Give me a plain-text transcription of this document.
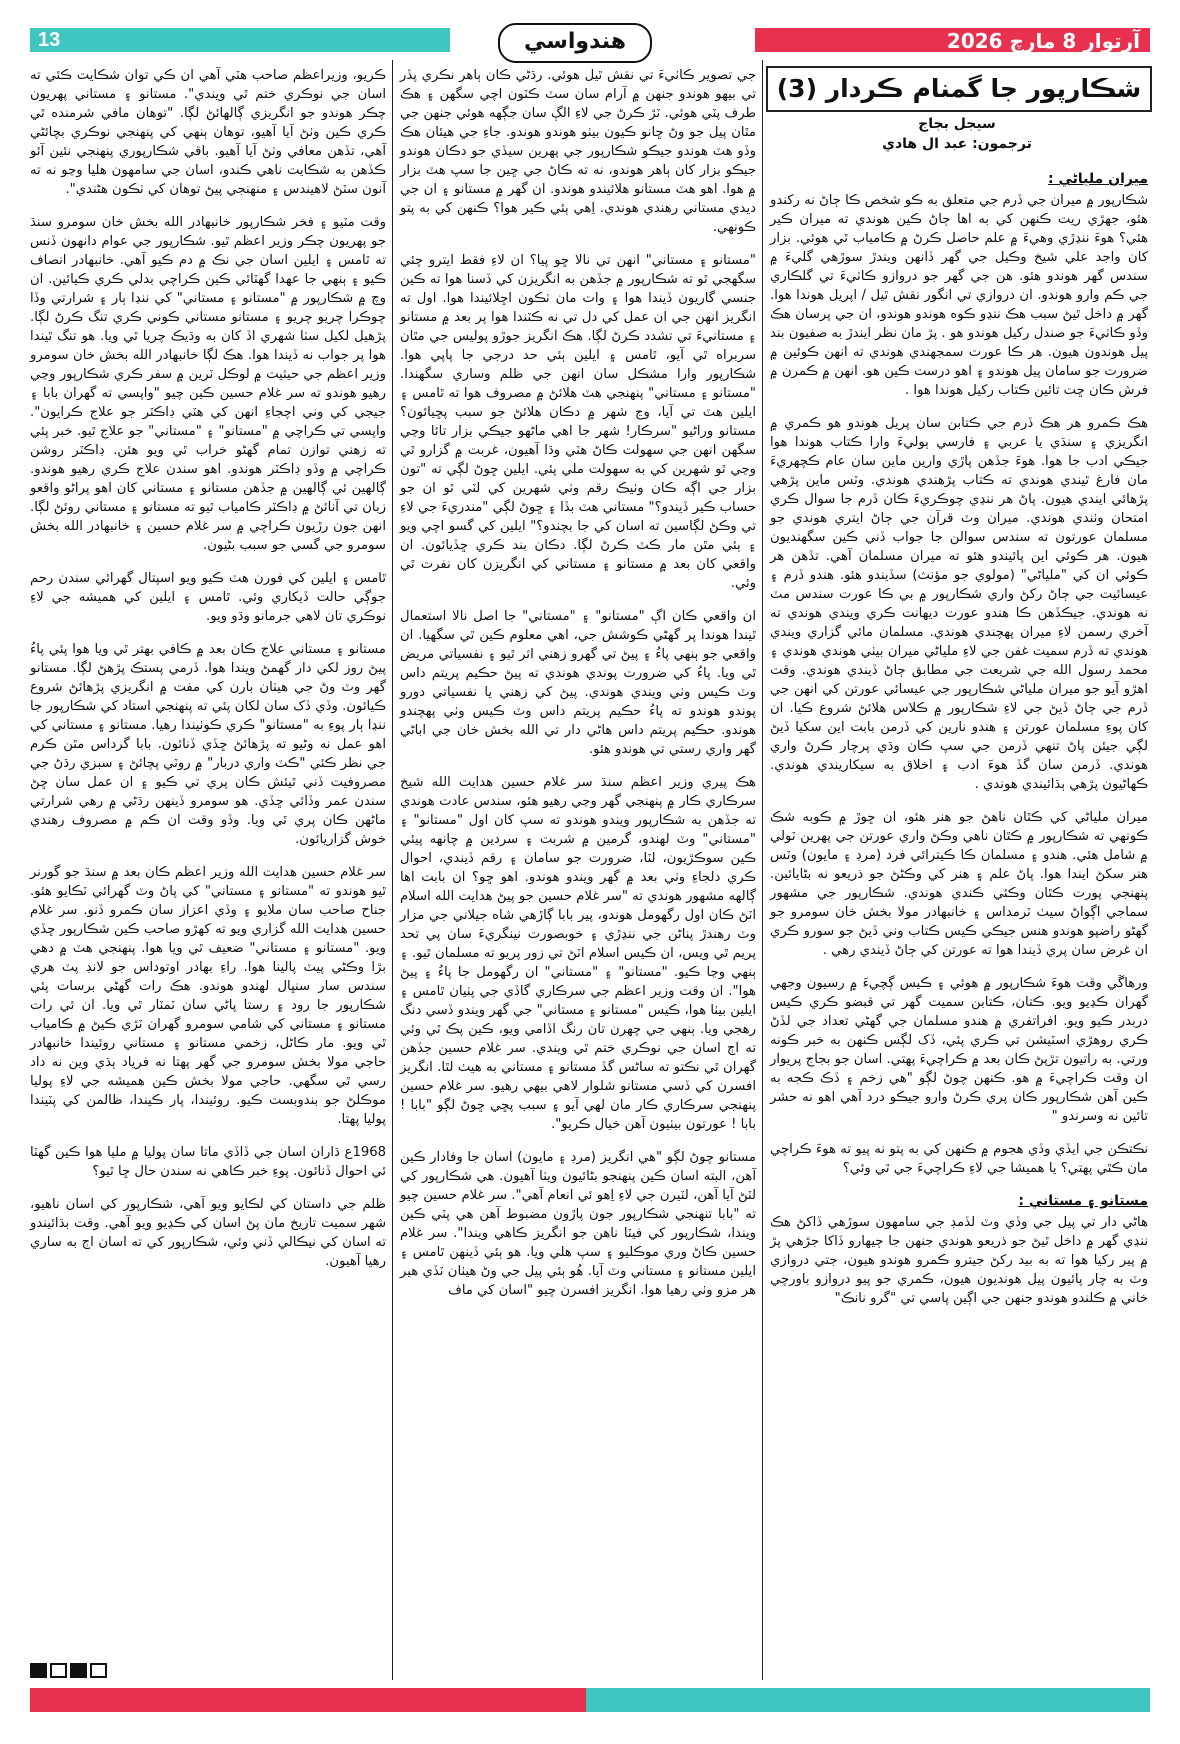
13	آرتوار 8 مارچ 2026
هندواسي
شڪارپور جا گمنام ڪردار (3)
سيجل بجاج
ترجمون: عبد ال هادي
ميران ملياڻي :

شڪارپور ۾ ميران جي ڏرم جي متعلق به ڪو شخص ڪا ڄاڻ نه رکندو هئو، جهڙي ريت ڪنهن کي به اها ڄاڻ ڪين هوندي ته ميران ڪير هئي؟ هوءَ ننڍڙي وهيءَ ۾ علم حاصل ڪرڻ ۾ ڪامياب ٿي هوئي. بزار کان واجد علي شيخ وڪيل جي گهر ڏانهن ويندڙ سوڙهي گليءَ ۾ سندس گهر هوندو هئو. هن جي گهر جو دروازو ڪاٺيءَ تي گلڪاري جي ڪم وارو هوندو. ان دروازي تي انگور نقش ٿيل / اپريل هوندا هوا. گهر ۾ داخل ٿيڻ سبب هڪ ننڍو ڪوه هوندو هوندو، ان جي پرسان هڪ وڏو ڪاٺيءَ جو صندل رکيل هوندو هو . پڙ مان نظر ايندڙ به صفيون بند پيل هوندون هيون. هر ڪا عورت سمجهندي هوندي ته انهن ڪوئين ۾ ضرورت جو سامان پيل هوندو ۽ اهو درست ڪين هو. انهن ۾ ڪمرن ۾ فرش ڪان ڇت تائين ڪتاب رکيل هوندا هوا .

هڪ ڪمرو هر هڪ ڏرم جي ڪتابن سان پريل هوندو هو ڪمري ۾ انگريزي ۽ سنڌي يا عربي ۽ فارسي ٻوليءَ وارا ڪتاب هوندا هوا جيڪي ادب جا هوا. هوءَ جڏهن پاڙي وارين ماين سان عام ڪچهريءَ مان فارغ ٿيندي هوندي ته ڪتاب پڙهندي هوندي. وٽس ماين پڙهي پڙهائي ايندي هيون. پاڻ هر ننڍي چوڪريءَ ڪان ڏرم جا سوال ڪري امتحان وٺندي هوندي. ميران وٽ قرآن جي ڄاڻ ايتري هوندي جو مسلمان عورتون ته سندس سوالن جا جواب ڏني ڪين سگهنديون هيون. هر ڪوئي اين پائيندو هئو ته ميران مسلمان آهي. تڏهن هر ڪوئي ان کي "ملياڻي" (مولوي جو مؤنث) سڏيندو هئو. هندو ڏرم ۽ عيسائيت جي ڄاڻ رکڻ واري شڪارپور ۾ بي ڪا عورت سندس مٽ نه هوندي. جيڪڏهن ڪا هندو عورت ديهانت ڪري ويندي هوندي ته آخري رسمن لاءِ ميران پهچندي هوندي. مسلمان مائي گزاري ويندي هوندي ته ڏرم سميت غفن جي لاءِ ملياڻي ميران بيٺي هوندي هوندي ۽ محمد رسول الله جي شريعت جي مطابق ڄاڻ ڏيندي هوندي. وقت اهڙو آيو جو ميران ملياڻي شڪارپور جي عيسائي عورتن کي انهن جي ڏرم جي ڄاڻ ڏيڻ جي لاءِ شڪارپور ۾ ڪلاس هلائڻ شروع ڪيا. ان کان پوءِ مسلمان عورتن ۽ هندو نارين کي ڏرمن بابت اين سکيا ڏيڻ لڳي جيئن پاڻ تنهي ڏرمن جي سپ ڪان وڌي پرچار ڪرڻ واري هوندي. ڏرمن سان گڏ هوءَ ادب ۽ اخلاق به سيکاريندي هوندي. ڪهاڻيون پڙهي ٻڌائيندي هوندي .

ميران ملياڻي کي ڪٿان ناهڻ جو هنر هئو، ان ڇوڙ ۾ ڪوبه شڪ ڪونهي ته شڪارپور ۾ ڪٿان ناهي وڪڻ واري عورتن جي پهرين ٽولي ۾ شامل هئي. هندو ۽ مسلمان ڪا ڪيترائي فرد (مرڊ ۽ مايون) وٽس هنر سکڻ ايندا هوا. پاڻ علم ۽ هنر کي وڪڻڻ جو ذريعو نه بڻايائين. پنهنجي پورت ڪٿان وڪئي ڪندي هوندي. شڪارپور جي مشهور سماجي اڳواڻ سيٺ ٽرمداس ۽ خانبهادر مولا بخش خان سومرو جو گهڻو راضپو هوندو هنس جيڪي ڪيس ڪتاب وني ڏيڻ جو سورو ڪري ان غرض سان پري ڏيندا هوا ته عورتن کي ڄاڻ ڏيندي رهي .

ورهاڱي وقت هوءَ شڪارپور ۾ هوئي ۽ ڪيس ڳچيءَ ۾ رسيون وجهي گهران ڪڍيو ويو. ڪتان، ڪتابن سميت گهر تي قبضو ڪري ڪيس دربدر ڪيو ويو. افراتفري ۾ هندو مسلمان جي گهڻي تعداد جي لڏڻ ڪري روهڙي اسٽيشن تي ڪري پئي، ڏک لڳس ڪنهن به خبر ڪونه ورتي. به راتيون تڙپڻ ڪان بعد ۾ ڪراچيءَ پهتي. اسان جو بجاج پريوار ان وقت ڪراچيءَ ۾ هو. ڪنهن چوڻ لڳو "هي زخم ۽ ڏڪ ڪجه به ڪين آهن شڪارپور ڪان پري ڪرڻ وارو جيڪو درد آهي اهو نه حشر تائين نه وسرندو "

نڪتڪن جي ايڏي وڏي هجوم ۾ ڪنهن کي به پتو نه پيو ته هوءَ ڪراچي مان ڪٿي پهتي؟ يا هميشا جي لاءِ ڪراچيءَ جي ٿي وئي؟

مستانو ۽ مستاني :

هاڻي دار تي پيل جي وڏي وٽ لڏمڊ جي سامهون سوڙهي ڏاکڻ هڪ ننڍي گهر ۾ داخل ٿيڻ جو ذريعو هوندي جنهن جا ڄيهارو ڏاکا جڙهي پڙ ۾ پير رکيا هوا ته به بيد رکڻ جيترو ڪمرو هوندو هيون، جتي دروازي وٽ به چار پائيون پيل هونديون هيون، ڪمري جو پيو دروازو باورچي خاني ۾ ڪلندو هوندو جنهن جي اڳين پاسي تي "گرو نانڪ"

جي تصوير ڪاٺيءَ تي نقش ٿيل هوئي. رڌڻي ڪان ٻاهر نڪري پڏر تي بيهو هوندو جنهن ۾ آرام سان سٽ ڪٽون اچي سگهن ۽ هڪ طرف پٽي هوئي. ٽڙ ڪرڻ جي لاءِ الڳ سان جڳهه هوئي جنهن جي مٿان پيل جو وڻ ڇانو ڪيون بيٺو هوندو هوندو. جاءِ جي هيئان هڪ وڏو هٽ هوندو جيڪو شڪارپور جي پهرين سيڏي جو دڪان هوندو جيڪو بزار کان ٻاهر هوندو، نه ته ڪاڻ جي ڇين جا سپ هٽ بزار ۾ هوا. اهو هٽ مستانو هلائيندو هوندو. ان گهر ۾ مستانو ۽ ان جي ديدي مستاني رهندي هوندي. اِهي ٻئي ڪير هوا؟ ڪنهن کي به پتو ڪونهي.

"مستانو ۽ مستاني" انهن تي نالا ڇو پيا؟ ان لاءِ فقط ايترو چئي سگهجي ٿو ته شڪارپور ۾ جڏهن به انگريزن کي ڏسنا هوا ته ڪين جنسي گاريون ڏيندا هوا ۽ وات مان ٺڪون اڇلائيندا هوا. اول ته انگريز انهن جي ان عمل کي دل تي نه ڪٽندا هوا پر بعد ۾ مستانو ۽ مستانيءَ تي تشدد ڪرڻ لڳا. هڪ انگريز جوڙو پوليس جي مٿان سربراه ٿي آيو، ٿامس ۽ ايلين ٻئي حد درجي جا پاپي هوا. شڪارپور وارا مشڪل سان انهن جي ظلم وساري سگهندا. "مستانو ۽ مستاني" پنهنجي هٽ هلائڻ ۾ مصروف هوا ته ٿامس ۽ ايلين هٽ تي آيا، وڃ شهر ۾ دڪان هلائڻ جو سبب پڇيائون؟ مستانو وراڻيو "سرڪار! شهر جا اهي ماڻهو جيڪي بزار تائا وڃي سگهن انهن جي سهولت ڪاڻ هٽي وڌا آهيون، غربت ۾ گزارو ٿي وڃي ٿو شهرين کي به سهولت ملي پئي. ايلين ڇوڻ لڳي ته "تون بزار جي اڳه ڪان وٺيڪ رقم وٺي شهرين کي لٽي ٿو ان جو حساب ڪير ڏيندو؟" مستاني هٽ بڏا ۽ ڇوڻ لڳي "مندريءَ جي لاءِ تي وڪڻ لڳاسين ته اسان کي جا بچندو؟" ايلين کي گسو اچي ويو ۽ ٻئي مٿن مار ڪٽ ڪرڻ لڳا. دڪان بند ڪري ڇڏيائون. ان واقعي کان بعد ۾ مستانو ۽ مستاني کي انگريزن کان نفرت ٿي وئي.

ان واقعي ڪان اڳ "مستانو" ۽ "مستاني" جا اصل نالا استعمال ٿيندا هوندا پر گهڻي ڪوشش جي، اهي معلوم ڪين ٿي سگهيا. ان واقعي جو ٻنهي پاءُ ۽ پيڻ تي گهرو زهني اثر ٿيو ۽ نفسياتي مريض ٿي ويا. پاءُ کي ضرورت پوندي هوندي ته پيڻ حڪيم پريتم داس وٽ ڪيس وٺي ويندي هوندي. پيڻ کي زهني يا نفسياتي دورو پوندو هوندو ته پاءُ حڪيم پريتم داس وٽ ڪيس وٺي پهچندو هوندو. حڪيم پريتم داس هاڻي دار تي الله بخش خان جي اباڻي گهر واري رستي تي هوندو هئو.

هڪ پيري وزير اعظم سنڌ سر غلام حسين هدايت الله شيخ سرڪاري ڪار ۾ پنهنجي گهر وڃي رهيو هئو، سندس عادت هوندي ته جڏهن به شڪارپور ويندو هوندو ته سپ کان اول "مستانو" ۽ "مستاني" وٽ لهندو، گرمين ۾ شربت ۽ سردين ۾ چانهه پيئي ڪين سوڪڙيون، لٽا، ضرورت جو سامان ۽ رقم ڏيندي، احوال ڪري دلجاءِ وٺي بعد ۾ گهر ويندو هوندو. اهو ڇو؟ ان بابت اها ڳالهه مشهور هوندي ته "سر غلام حسين جو پيڻ هدايت الله اسلام اٽڻ ڪان اول رگهومل هوندو، پير بابا ڳاڙهي شاه جيلاني جي مزار وٽ رهندڙ پناڻن جي ننڍڙي ۽ خوبصورت نينگريءَ سان پي تحد پريم ٿي ويس، ان ڪيس اسلام اٽڻ تي زور پريو ته مسلمان ٿيو. ۽ ٻنهي وڃا ڪيو. "مستانو" ۽ "مستاني" ان رگهومل جا پاءُ ۽ پيڻ هوا". ان وقت وزير اعظم جي سرڪاري گاڏي جي پٺيان ٿامس ۽ ايلين بيٺا هوا، ڪيس "مستانو ۽ مستاني" جي گهر ويندو ڏسي دنگ رهجي ويا. ٻنهي جي چهرن تان رنگ اڏامي ويو، ڪين پڪ ٿي وئي ته اڄ اسان جي نوڪري ختم ٿي ويندي. سر غلام حسين جڏهن گهران ٿي نڪتو ته ساڻس گڏ مستانو ۽ مستاني به هيٺ لٿا. انگريز افسرن کي ڏسي مستانو شلوار لاهي بيهي رهيو. سر غلام حسين پنهنجي سرڪاري ڪار مان لهي آيو ۽ سبب پڇي ڇوڻ لڳو "بابا ! بابا ! عورتون بيٺيون آهن خيال ڪريو".

مستانو چوڻ لڳو "هي انگريز (مرڊ ۽ مايون) اسان جا وفادار ڪين آهن، البته اسان ڪين پنهنجو بڻائيون ويٺا آهيون. هي شڪارپور کي لٽڻ آيا آهن، لٽيرن جي لاءِ اِهو ئي انعام آهي". سر غلام حسين چيو ته "بابا تنهنجي شڪارپور جون پاڙون مضبوط آهن هي پٽي ڪين ويندا، شڪارپور کي فيٽا ناهن جو انگريز ڪاهي ويندا". سر غلام حسين ڪاڻ وري موڪليو ۽ سپ هلي ويا. هو ٻئي ڏينهن ٿامس ۽ ايلين مستانو ۽ مستاني وٽ آيا. هُو ٻئي پيل جي وڻ هيٺان ٽڏي هير هر مزو وٺي رهيا هوا. انگريز افسرن چيو "اسان کي ماف

ڪريو، وزيراعظم صاحب هٽي آهي ان ڪي توان شڪايت ڪئي ته اسان جي نوڪري ختم ٿي ويندي". مستانو ۽ مستاني پهريون چڪر هوندو جو انگريزي ڳالهائڻ لڳا. "توهان مافي شرمنده ٿي ڪري ڪين وٺڻ آيا آهيو، توهان ٻنهي کي پنهنجي نوڪري بچائڻي آهي، تڏهن معافي وٺڻ آيا آهيو. باقي شڪارپوري پنهنجي نئين آئو ڪڏهن به شڪايت ناهي ڪندو، اسان جي سامهون هليا وڃو نه ته آنون سٽڻ لاهيندس ۽ منهنجي پيڻ توهان کي ٺڪون هڻندي".

وقت مٽيو ۽ فخر شڪارپور خانبهادر الله بخش خان سومرو سنڌ جو پهريون چڪر وزير اعظم ٿيو. شڪارپور جي عوام دانهون ڏنس ته ٿامس ۽ ايلين اسان جي نڪ ۾ دم ڪيو آهي. خانبهادر انصاف ڪيو ۽ ٻنهي جا عهدا گهٽائي ڪين ڪراچي بدلي ڪري ڪيائين. ان وچ ۾ شڪارپور ۾ "مستانو ۽ مستاني" کي ننڍا ٻار ۽ شرارتي وڏا چوڪرا چريو چريو ۽ مستانو مستاني ڪوني ڪري تنگ ڪرڻ لڳا. پڙهيل لکيل سٺا شهري اڏ کان به وڌيڪ چريا ٿي ويا. هو تنگ ٿيندا هوا پر جواب نه ڏيندا هوا. هڪ لڳا خانبهادر الله بخش خان سومرو وزير اعظم جي حيثيت ۾ لوڪل ٽرين ۾ سفر ڪري شڪارپور وڃي رهيو هوندو ته سر غلام حسين ڪين چيو "واپسي ته گهران بابا ۽ جيجي کي وني اچجاءِ انهن کي هٽي ڊاڪٽر جو علاج ڪرايون". واپسي تي ڪراچي ۾ "مستانو" ۽ "مستاني" جو علاج ٿيو. خبر پئي ته زهني توازن تمام گهڻو خراب ٿي ويو هئن. ڊاڪٽر روشن ڪراچي ۾ وڏو ڊاڪٽر هوندو. اهو سندن علاج ڪري رهيو هوندو. ڳالهين ئي ڳالهين ۾ جڏهن مستانو ۽ مستاني کان اهو پراڻو واقعو زبان تي آنائڻ ۾ ڊاڪٽر ڪامياب ٿيو ته مستانو ۽ مستاني روئڻ لڳا. انهن جون رڙيون ڪراچي ۾ سر غلام حسين ۽ خانبهادر الله بخش سومرو جي گسي جو سبب بڻيون.

ٿامس ۽ ايلين کي فورن هٽ ڪيو ويو اسپتال گهرائي سندن رحم جوڳي حالت ڏيکاري وئي. ٿامس ۽ ايلين کي هميشه جي لاءِ نوڪري تان لاهي جرمانو وڌو ويو.

مستانو ۽ مستاني علاج ڪان بعد ۾ ڪافي بهتر ٿي ويا هوا پئي پاءُ پيڻ روز لکي دار گهمڻ ويندا هوا. ڏرمي پستڪ پڙهڻ لڳا. مستانو گهر وٽ وڻ جي هيٺان بارن کي مفت ۾ انگريزي پڙهائڻ شروع ڪيائون. وڏي ڏک سان لکان پئي ته پنهنجي استاد کي شڪارپور جا ننڍا ٻار پوءِ به "مستانو" ڪري ڪوٺيندا رهيا. مستانو ۽ مستاني کي اهو عمل نه وڻيو ته پڙهائڻ ڇڏي ڏنائون. بابا گرداس مٿن ڪرم جي نظر ڪئي "ڪٽ واري دربار" ۾ روٽي پچائڻ ۽ سبزي رڌڻ جي مصروفيت ڏني ٿيئش ڪان پري تي ڪيو ۽ ان عمل سان ڇڻ سندن عمر وڏائي ڇڏي. هو سومرو ڏينهن رڌڻي ۾ رهي شرارتي ماڻهن ڪان پري ٿي ويا. وڏو وقت ان ڪم ۾ مصروف رهندي خوش گزاريائون.

سر غلام حسين هدايت الله وزير اعظم ڪان بعد ۾ سنڌ جو گورنر ٿيو هوندو ته "مستانو ۽ مستاني" کي پاڻ وٽ گهرائي ٽڪايو هئو. جناح صاحب سان ملايو ۽ وڏي اعزاز سان ڪمرو ڏنو. سر غلام حسين هدايت الله گزاري ويو ته کهڙو صاحب ڪين شڪارپور ڇڏي ويو. "مستانو ۽ مستاني" ضعيف ٿي ويا هوا. پنهنجي هٽ ۾ دهي بڙا وڪڻي پيٽ پالينا هوا. راءِ بهادر اوتوداس جو لانڊ پٽ هري سندس سار سنڀال لهندو هوندو. هڪ رات گهڻي برسات پئي شڪارپور جا رود ۽ رستا پاڻي سان ٽمٽار ٿي ويا. ان ئي رات مستانو ۽ مستاني کي شامي سومرو گهران ٽڙي ڪيڻ ۾ ڪامياب ٿي ويو. مار ڪاڻل، زخمي مستانو ۽ مستاني روئيندا خانبهادر حاجي مولا بخش سومرو جي گهر پهتا نه فرياد ٻڌي وين نه داد رسي ٿي سگهي. حاجي مولا بخش ڪين هميشه جي لاءِ پوليا موڪلڻ جو بندوبست ڪيو. روئيندا، پار ڪيندا، ظالمن کي پٽيندا پوليا پهتا.

1968ع ڌاران اسان جي ڏاڏي ماتا سان پوليا ۾ مليا هوا ڪين گهٽا ئي احوال ڏنائون. پوءِ خبر ڪاهي نه سندن حال ڇا ٿيو؟

ظلم جي داستان کي لڪايو ويو آهي، شڪارپور کي اسان ناهيو، شهر سميت تاريخ مان پڻ اسان کي ڪڍيو ويو آهي. وقت بڌائيندو ته اسان کي نيڪالي ڏني وئي، شڪارپور کي ته اسان اڄ به ساري رهيا آهيون.
